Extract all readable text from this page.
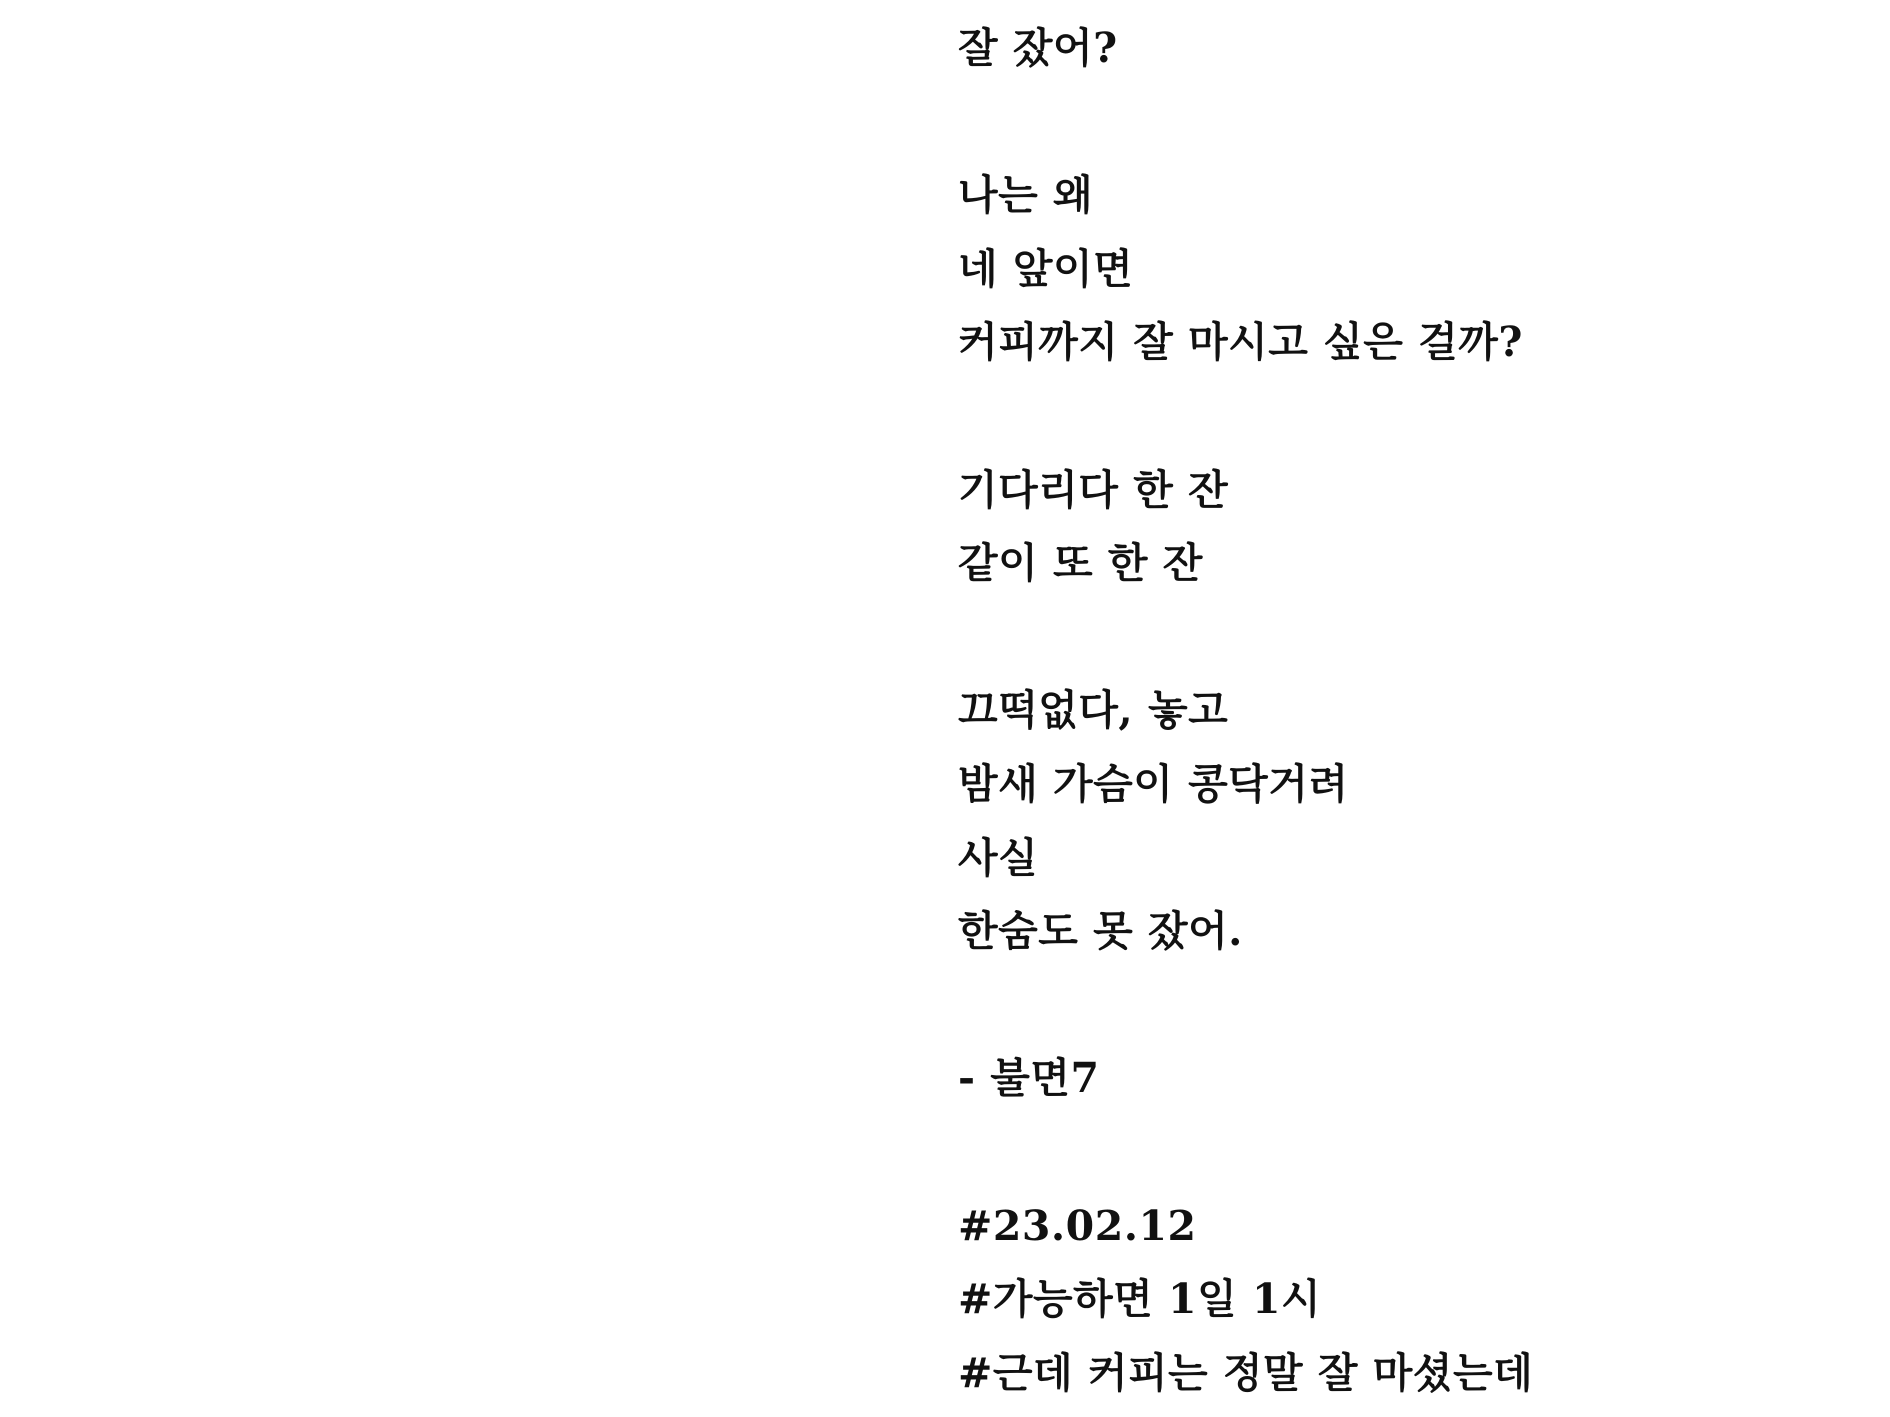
잘 잤어?
나는 왜
네 앞이면
커피까지 잘 마시고 싶은 걸까?
기다리다 한 잔
같이 또 한 잔
끄떡없다, 놓고
밤새 가슴이 콩닥거려
사실
한숨도 못 잤어.
- 불면7
#23.02.12
#가능하면 1일 1시
#근데 커피는 정말 잘 마셨는데
